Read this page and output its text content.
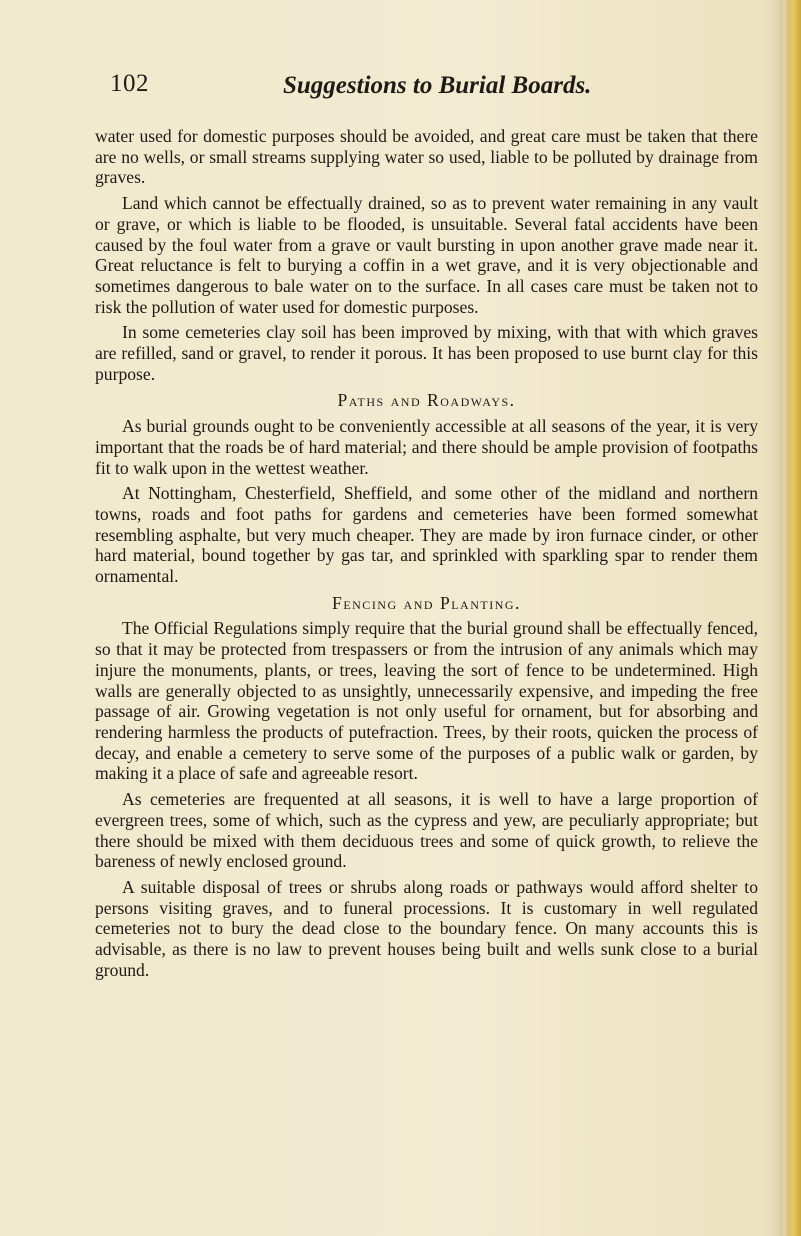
102	Suggestions to Burial Boards.

water used for domestic purposes should be avoided, and great care must be taken that there are no wells, or small streams supplying water so used, liable to be polluted by drainage from graves.

Land which cannot be effectually drained, so as to prevent water remaining in any vault or grave, or which is liable to be flooded, is unsuitable. Several fatal accidents have been caused by the foul water from a grave or vault bursting in upon another grave made near it. Great reluctance is felt to burying a coffin in a wet grave, and it is very objectionable and sometimes dangerous to bale water on to the surface. In all cases care must be taken not to risk the pollution of water used for domestic purposes.

In some cemeteries clay soil has been improved by mixing, with that with which graves are refilled, sand or gravel, to render it porous. It has been proposed to use burnt clay for this purpose.

Paths and Roadways.

As burial grounds ought to be conveniently accessible at all seasons of the year, it is very important that the roads be of hard material; and there should be ample provision of footpaths fit to walk upon in the wettest weather.

At Nottingham, Chesterfield, Sheffield, and some other of the midland and northern towns, roads and foot paths for gardens and cemeteries have been formed somewhat resembling asphalte, but very much cheaper. They are made by iron furnace cinder, or other hard material, bound together by gas tar, and sprinkled with sparkling spar to render them ornamental.

Fencing and Planting.

The Official Regulations simply require that the burial ground shall be effectually fenced, so that it may be protected from trespassers or from the intrusion of any animals which may injure the monuments, plants, or trees, leaving the sort of fence to be undetermined. High walls are generally objected to as unsightly, unnecessarily expensive, and impeding the free passage of air. Growing vegetation is not only useful for ornament, but for absorbing and rendering harmless the products of putefraction. Trees, by their roots, quicken the process of decay, and enable a cemetery to serve some of the purposes of a public walk or garden, by making it a place of safe and agreeable resort.

As cemeteries are frequented at all seasons, it is well to have a large proportion of evergreen trees, some of which, such as the cypress and yew, are peculiarly appropriate; but there should be mixed with them deciduous trees and some of quick growth, to relieve the bareness of newly enclosed ground.

A suitable disposal of trees or shrubs along roads or pathways would afford shelter to persons visiting graves, and to funeral processions. It is customary in well regulated cemeteries not to bury the dead close to the boundary fence. On many accounts this is advisable, as there is no law to prevent houses being built and wells sunk close to a burial ground.
